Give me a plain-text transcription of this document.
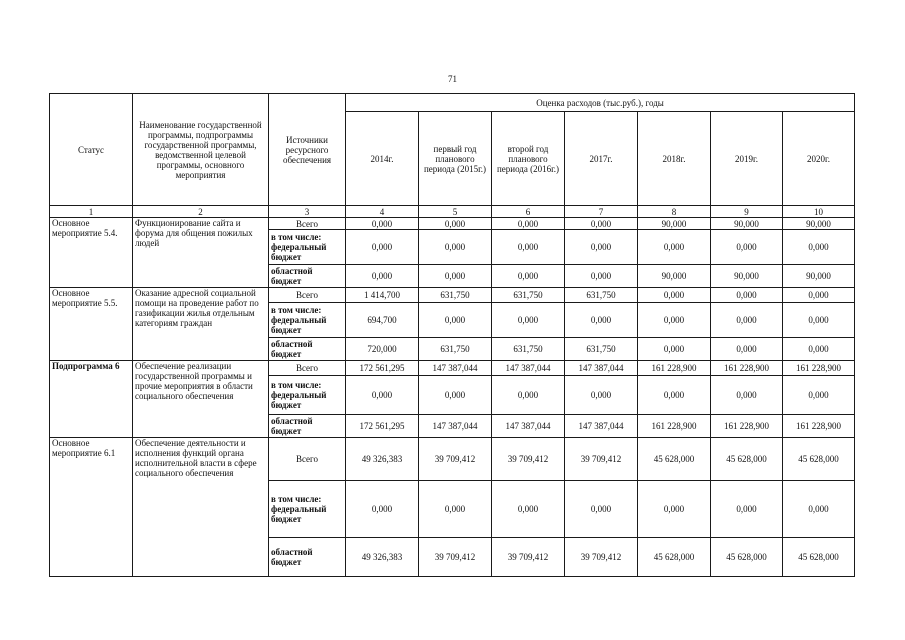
71
Статус	Наименование государственной программы, подпрограммы государственной программы, ведомственной целевой программы, основного мероприятия	Источники ресурсного обеспечения	Оценка расходов (тыс.руб.), годы						
			2014г.	первый год планового периода (2015г.)	второй год планового периода (2016г.)	2017г.	2018г.	2019г.	2020г.
1	2	3	4	5	6	7	8	9	10
Основное мероприятие 5.4.	Функционирование сайта и форума для общения пожилых людей	Всего	0,000	0,000	0,000	0,000	90,000	90,000	90,000
		в том числе: федеральный бюджет	0,000	0,000	0,000	0,000	0,000	0,000	0,000
		областной бюджет	0,000	0,000	0,000	0,000	90,000	90,000	90,000
Основное мероприятие 5.5.	Оказание адресной социальной помощи на проведение работ по газификации жилья отдельным категориям граждан	Всего	1 414,700	631,750	631,750	631,750	0,000	0,000	0,000
		в том числе: федеральный бюджет	694,700	0,000	0,000	0,000	0,000	0,000	0,000
		областной бюджет	720,000	631,750	631,750	631,750	0,000	0,000	0,000
Подпрограмма 6	Обеспечение реализации государственной программы и прочие мероприятия в области социального обеспечения	Всего	172 561,295	147 387,044	147 387,044	147 387,044	161 228,900	161 228,900	161 228,900
		в том числе: федеральный бюджет	0,000	0,000	0,000	0,000	0,000	0,000	0,000
		областной бюджет	172 561,295	147 387,044	147 387,044	147 387,044	161 228,900	161 228,900	161 228,900
Основное мероприятие 6.1	Обеспечение деятельности и исполнения функций органа исполнительной власти в сфере социального обеспечения	Всего	49 326,383	39 709,412	39 709,412	39 709,412	45 628,000	45 628,000	45 628,000
		в том числе: федеральный бюджет	0,000	0,000	0,000	0,000	0,000	0,000	0,000
		областной бюджет	49 326,383	39 709,412	39 709,412	39 709,412	45 628,000	45 628,000	45 628,000
